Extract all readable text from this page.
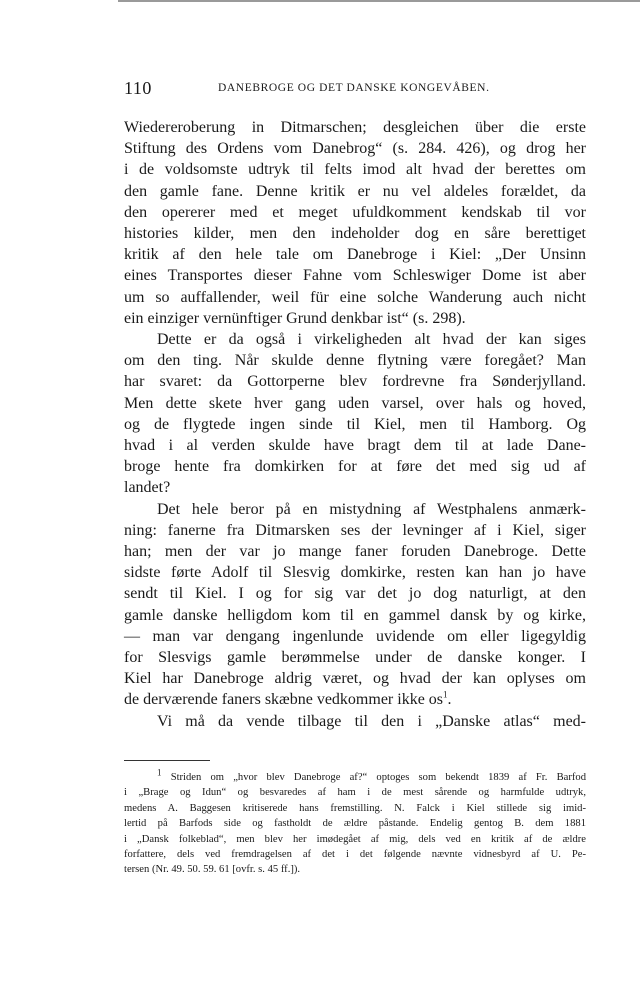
110	DANEBROGE OG DET DANSKE KONGEVÅBEN.
Wiedereroberung in Ditmarschen; desgleichen über die erste
Stiftung des Ordens vom Danebrog“ (s. 284. 426), og drog her
i de voldsomste udtryk til felts imod alt hvad der berettes om
den gamle fane. Denne kritik er nu vel aldeles forældet, da
den opererer med et meget ufuldkomment kendskab til vor
histories kilder, men den indeholder dog en såre berettiget
kritik af den hele tale om Danebroge i Kiel: „Der Unsinn
eines Transportes dieser Fahne vom Schleswiger Dome ist aber
um so auffallender, weil für eine solche Wanderung auch nicht
ein einziger vernünftiger Grund denkbar ist“ (s. 298).
Dette er da også i virkeligheden alt hvad der kan siges
om den ting. Når skulde denne flytning være foregået? Man
har svaret: da Gottorperne blev fordrevne fra Sønderjylland.
Men dette skete hver gang uden varsel, over hals og hoved,
og de flygtede ingen sinde til Kiel, men til Hamborg. Og
hvad i al verden skulde have bragt dem til at lade Dane-
broge hente fra domkirken for at føre det med sig ud af
landet?
Det hele beror på en mistydning af Westphalens anmærk-
ning: fanerne fra Ditmarsken ses der levninger af i Kiel, siger
han; men der var jo mange faner foruden Danebroge. Dette
sidste førte Adolf til Slesvig domkirke, resten kan han jo have
sendt til Kiel. I og for sig var det jo dog naturligt, at den
gamle danske helligdom kom til en gammel dansk by og kirke,
— man var dengang ingenlunde uvidende om eller ligegyldig
for Slesvigs gamle berømmelse under de danske konger. I
Kiel har Danebroge aldrig været, og hvad der kan oplyses om
de derværende faners skæbne vedkommer ikke $os^1$.
Vi må da vende tilbage til den i „Danske atlas“ med-
$^1$ Striden om „hvor blev Danebroge af?“ optoges som bekendt 1839 af Fr. Barfod
i „Brage og Idun“ og besvaredes af ham i de mest sårende og harmfulde udtryk,
medens A. Baggesen kritiserede hans fremstilling. N. Falck i Kiel stillede sig imid-
lertid på Barfods side og fastholdt de ældre påstande. Endelig gentog B. dem 1881
i „Dansk folkeblad“, men blev her imødegået af mig, dels ved en kritik af de ældre
forfattere, dels ved fremdragelsen af det i det følgende nævnte vidnesbyrd af U. Pe-
tersen (Nr. 49. 50. 59. 61 [ovfr. s. 45 ff.]).
